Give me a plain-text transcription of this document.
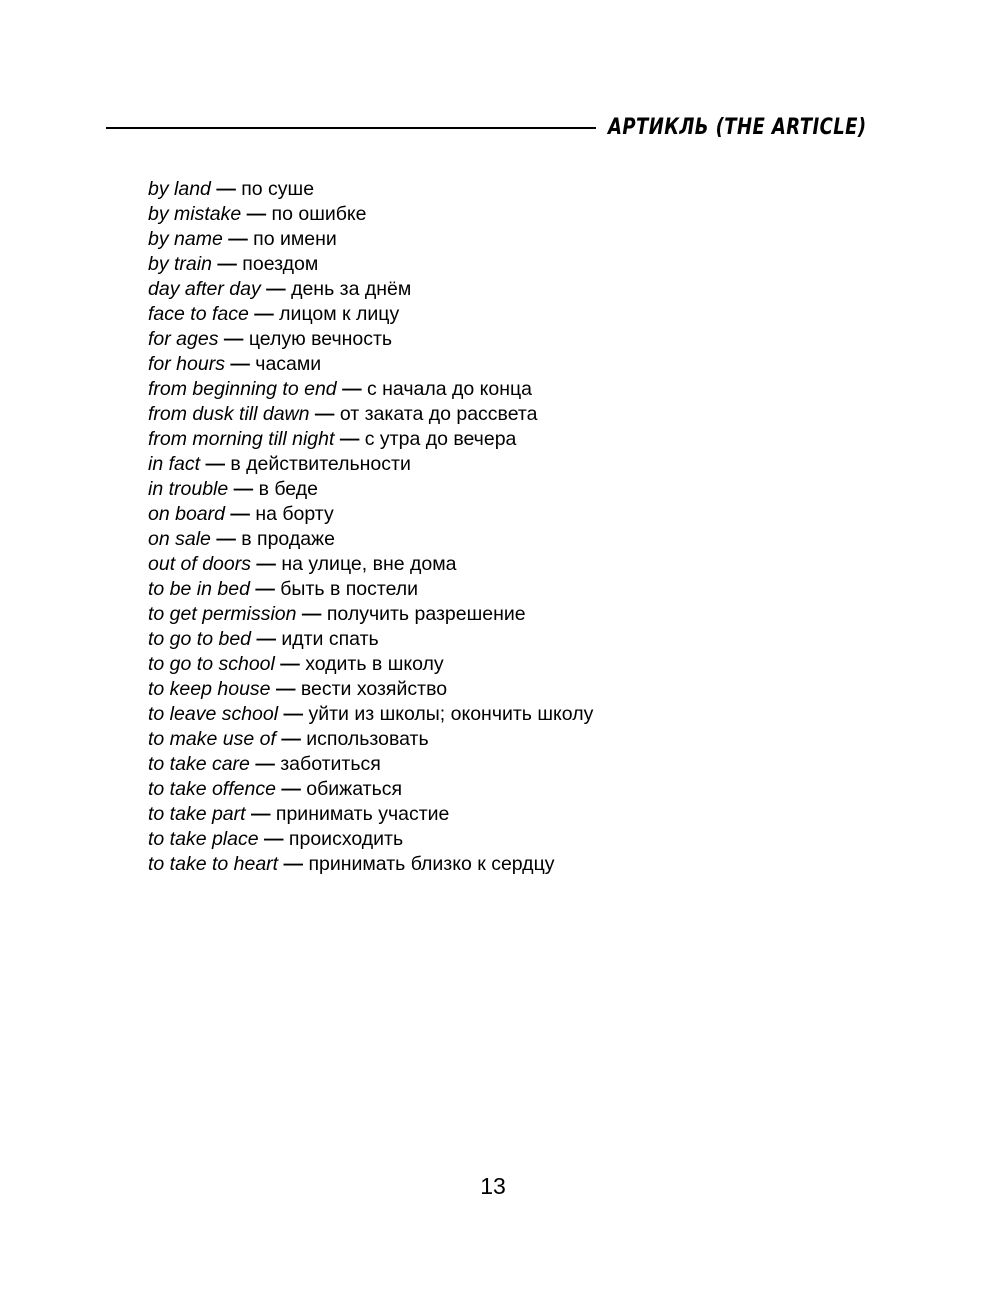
АРТИКЛЬ (THE ARTICLE)
by land — по суше
by mistake — по ошибке
by name — по имени
by train — поездом
day after day — день за днём
face to face — лицом к лицу
for ages — целую вечность
for hours — часами
from beginning to end — с начала до конца
from dusk till dawn — от заката до рассвета
from morning till night — с утра до вечера
in fact — в действительности
in trouble — в беде
on board — на борту
on sale — в продаже
out of doors — на улице, вне дома
to be in bed — быть в постели
to get permission — получить разрешение
to go to bed — идти спать
to go to school — ходить в школу
to keep house — вести хозяйство
to leave school — уйти из школы; окончить школу
to make use of — использовать
to take care — заботиться
to take offence — обижаться
to take part — принимать участие
to take place — происходить
to take to heart — принимать близко к сердцу
13
